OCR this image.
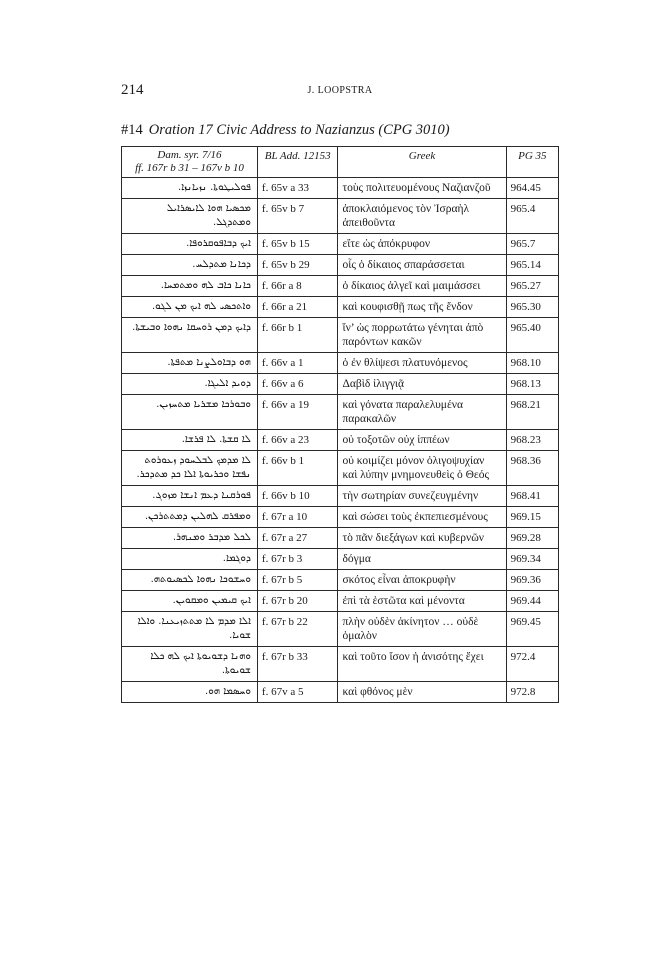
214	J. LOOPSTRA
#14 Oration 17 Civic Address to Nazianzus (CPG 3010)
Dam. syr. 7/16
ff. 167r b 31 – 167v b 10	BL Add. 12153	Greek	PG 35
ܦܘܠܝܛܘܬܐ. ܢܙܝܐܢܙܐ.	f. 65v a 33	τοὺς πολιτευομένους Ναζιανζοῦ	964.45
ܡܟܣܝܐ ܗܘܐ ܠܐܝܣܪܐܝܠ ܘܡܬܕܓܠ.	f. 65v b 7	ἀποκλαιόμενος τὸν Ἰσραὴλ ἀπειθοῦντα	965.4
ܐܝܟ ܕܒܐܦܘܩܪܘܦܐ.	f. 65v b 15	εἴτε ὡς ἀπόκρυφον	965.7
ܕܟܐܢܐ ܡܬܕܠܚ.	f. 65v b 29	οἷς ὁ δίκαιος σπαράσσεται	965.14
ܟܐܢܐ ܟܐܒ ܠܗ ܘܡܬܡܚܐ.	f. 66r a 8	ὁ δίκαιος ἀλγεῖ καὶ μαιμάσσει	965.27
ܘܐܬܟܣܝ ܠܗ ܐܝܟ ܡܢ ܠܓܘ.	f. 66r a 21	καὶ κουφισθῇ πως τῆς ἔνδον	965.30
ܕܐܝܟ ܕܡܢ ܪܘܚܩܐ ܢܗܘܐ ܘܒܝܫܬܐ.	f. 66r b 1	ἵν’ ὡς πορρωτάτω γένηται ἀπὸ παρόντων κακῶν	965.40
ܗܘ ܕܒܐܘܠܨܢܐ ܡܬܦܬܐ.	f. 66v a 1	ὁ ἐν θλίψεσι πλατυνόμενος	968.10
ܕܘܝܕ ܐܠܝܓܐ.	f. 66v a 6	Δαβὶδ ἰλιγγιᾷ	968.13
ܘܒܘܪܟܐ ܡܫܪܝܐ ܡܬܚܙܝܢ.	f. 66v a 19	καὶ γόνατα παραλελυμένα παρακαλῶν	968.21
ܠܐ ܩܫܬܐ. ܠܐ ܦܪܫܐ.	f. 66v a 23	οὐ τοξοτῶν οὐχ ἱππέων	968.23
ܠܐ ܡܕܡܟ ܠܒܠܚܘܕ ܙܥܘܪܘܬ ܢܦܫܐ ܘܟܪܝܘܬܐ ܐܠܐ ܟܕ ܡܬܕܟܪ.	f. 66v b 1	οὐ κοιμίζει μόνον ὀλιγοψυχίαν καὶ λύπην μνημονευθεὶς ὁ Θεός	968.36
ܦܘܪܩܢܐ ܕܥܡ ܐܢܫܐ ܡܙܘܓ.	f. 66v b 10	τὴν σωτηρίαν συνεζευγμένην	968.41
ܘܡܦܪܩ ܠܗܠܝܢ ܕܡܬܬܪܟܢ.	f. 67r a 10	καὶ σώσει τοὺς ἐκπεπιεσμένους	969.15
ܠܟܠ ܡܕܒܪ ܘܡܢܗܪ.	f. 67r a 27	τὸ πᾶν διεξάγων καὶ κυβερνῶν	969.28
ܕܘܓܡܐ.	f. 67r b 3	δόγμα	969.34
ܘܚܫܘܟܐ ܢܗܘܐ ܠܟܣܝܘܬܗ.	f. 67r b 5	σκότος εἶναι ἀποκρυφὴν	969.36
ܐܝܟ ܩܝܡܝܢ ܘܡܩܘܝܢ.	f. 67r b 20	ἐπὶ τὰ ἑστῶτα καὶ μένοντα	969.44
ܐܠܐ ܡܕܡ ܠܐ ܡܬܬܙܝܥܢܐ. ܘܐܠܐ ܫܘܝܐ.	f. 67r b 22	πλὴν οὐδὲν ἀκίνητον … οὐδὲ ὁμαλὸν	969.45
ܘܗܢܐ ܕܫܘܝܘܬܐ ܐܝܟ ܠܗ ܟܠܐ ܫܘܝܘܬܐ.	f. 67r b 33	καὶ τοῦτο ἴσον ἡ ἀνισότης ἔχει	972.4
ܘܚܣܡܐ ܗܘ.	f. 67v a 5	καὶ φθόνος μὲν	972.8
